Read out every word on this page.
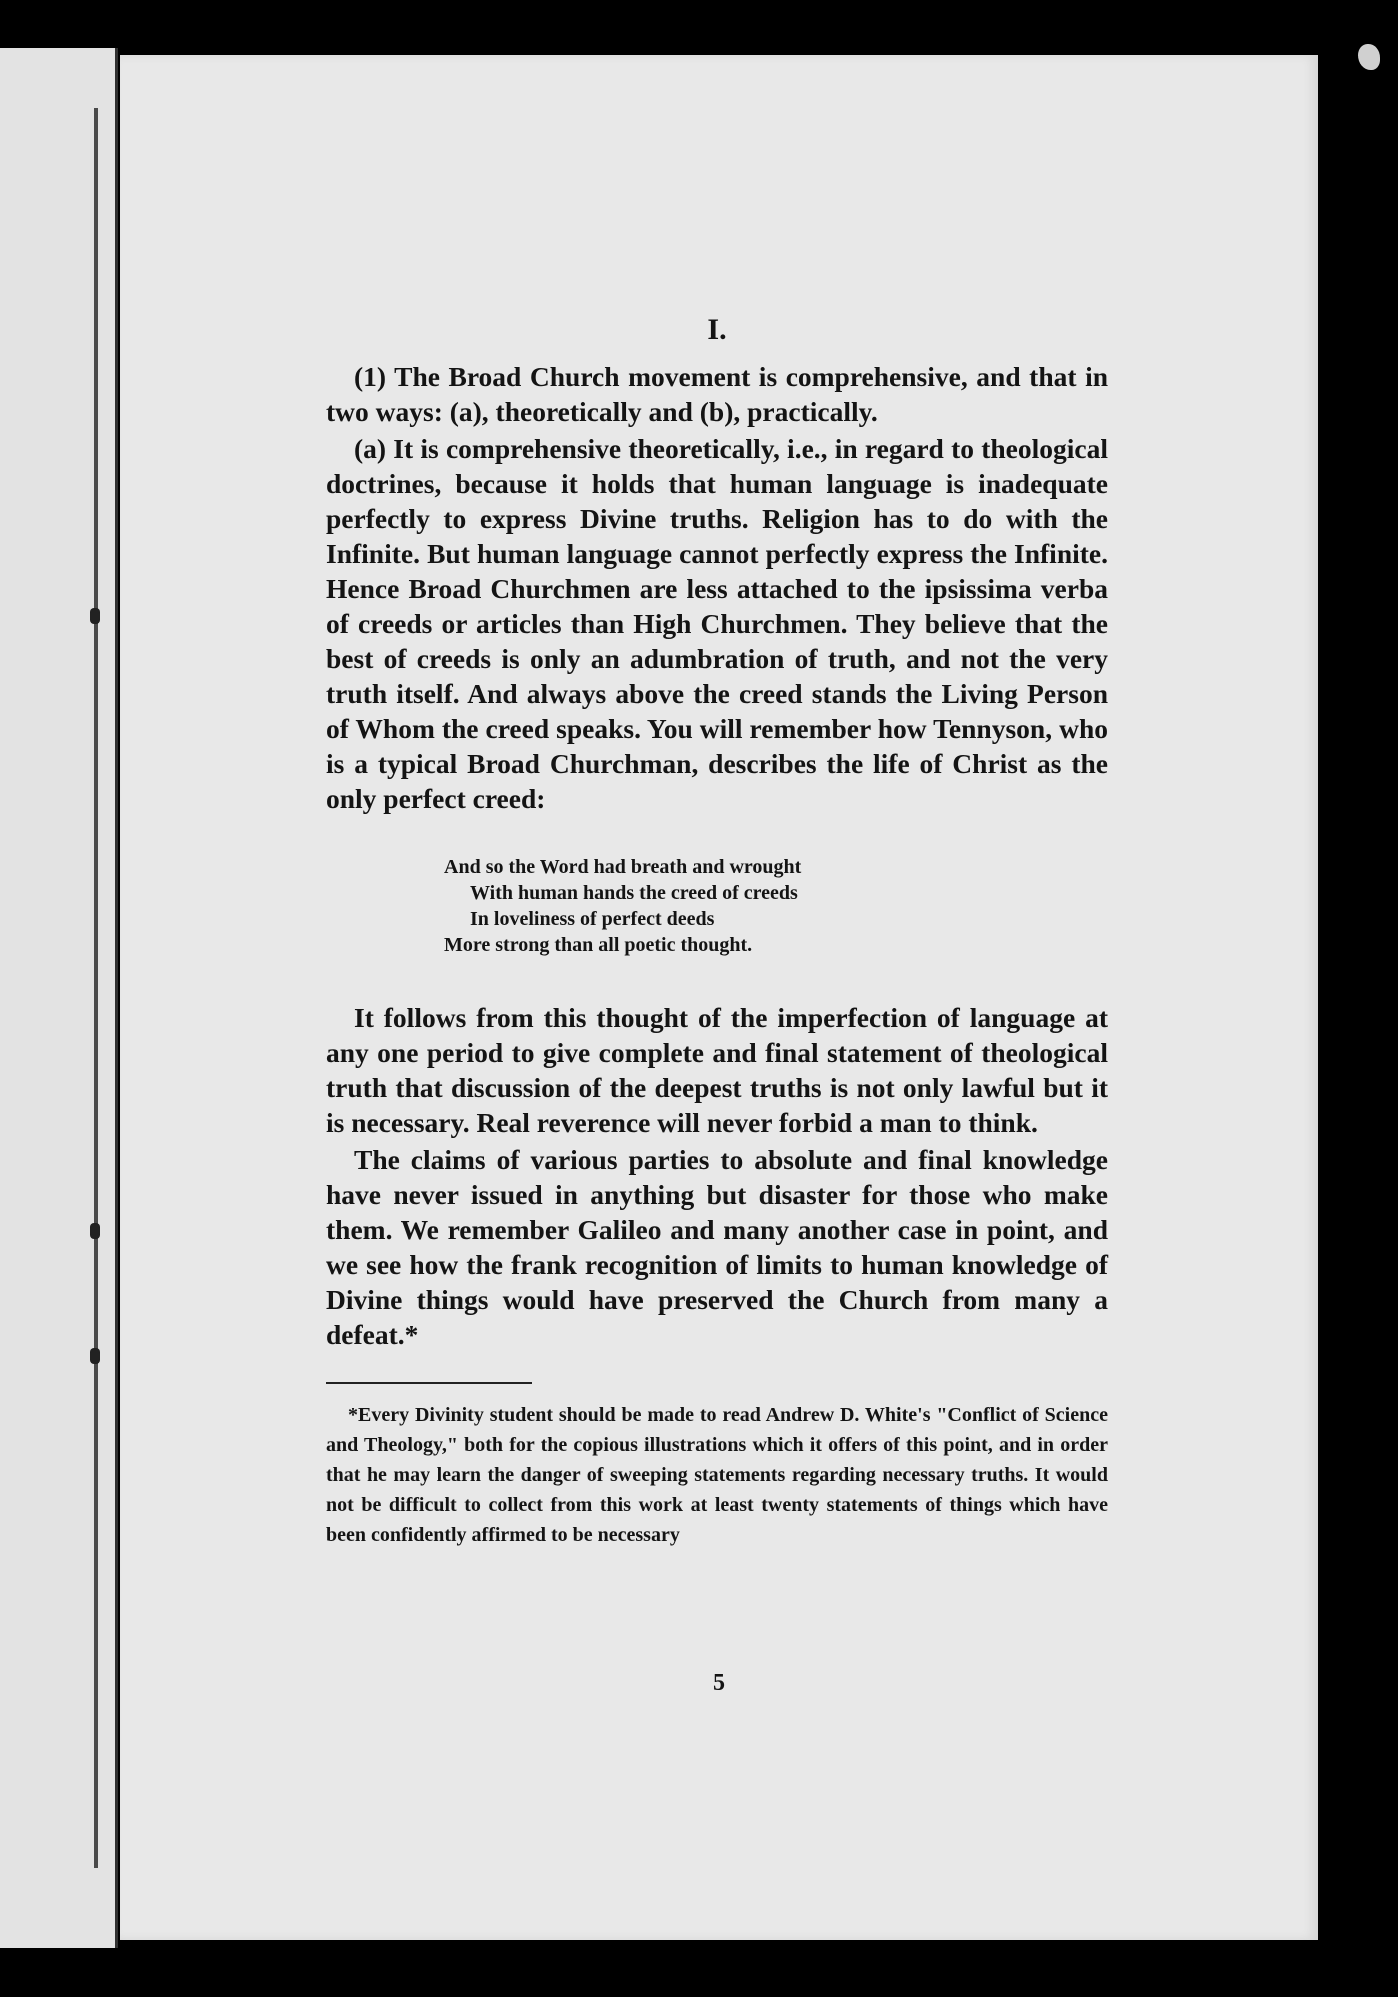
I.

(1) The Broad Church movement is comprehensive, and that in two ways: (a), theoretically and (b), practically.

(a) It is comprehensive theoretically, i.e., in regard to theological doctrines, because it holds that human language is inadequate perfectly to express Divine truths. Religion has to do with the Infinite. But human language cannot perfectly express the Infinite. Hence Broad Churchmen are less attached to the ipsissima verba of creeds or articles than High Churchmen. They believe that the best of creeds is only an adumbration of truth, and not the very truth itself. And always above the creed stands the Living Person of Whom the creed speaks. You will remember how Tennyson, who is a typical Broad Churchman, describes the life of Christ as the only perfect creed:

And so the Word had breath and wrought
With human hands the creed of creeds
In loveliness of perfect deeds
More strong than all poetic thought.

It follows from this thought of the imperfection of language at any one period to give complete and final statement of theological truth that discussion of the deepest truths is not only lawful but it is necessary. Real reverence will never forbid a man to think.

The claims of various parties to absolute and final knowledge have never issued in anything but disaster for those who make them. We remember Galileo and many another case in point, and we see how the frank recognition of limits to human knowledge of Divine things would have preserved the Church from many a defeat.*

*Every Divinity student should be made to read Andrew D. White's "Conflict of Science and Theology," both for the copious illustrations which it offers of this point, and in order that he may learn the danger of sweeping statements regarding necessary truths. It would not be difficult to collect from this work at least twenty statements of things which have been confidently affirmed to be necessary

5
